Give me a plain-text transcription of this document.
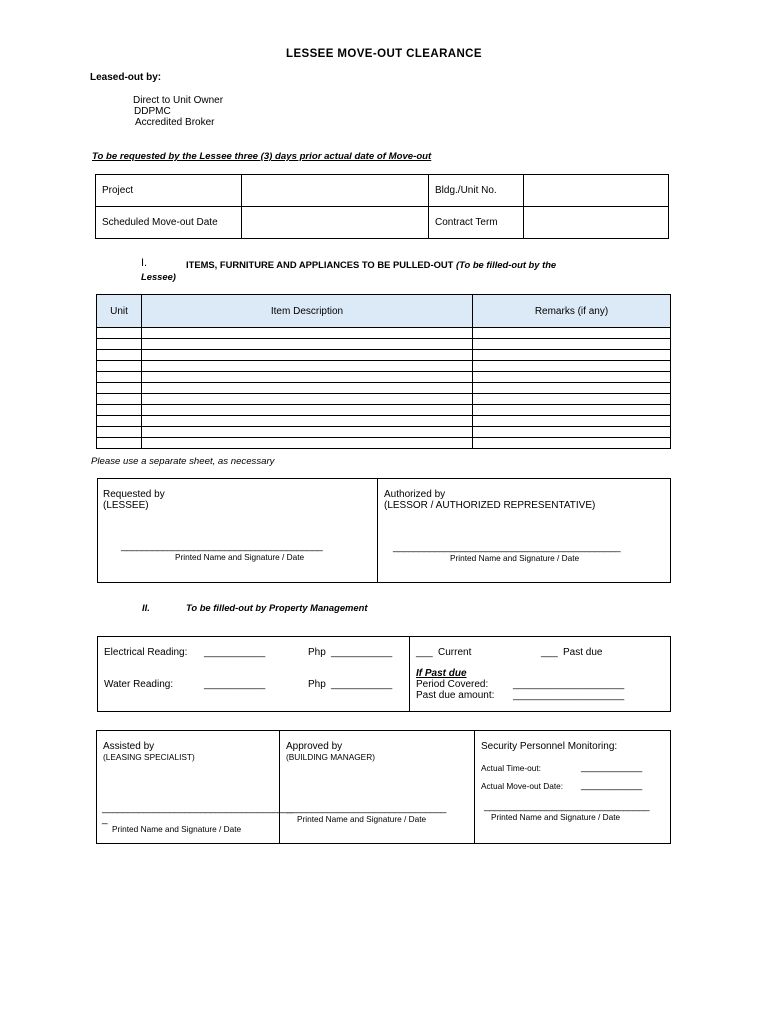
LESSEE MOVE-OUT CLEARANCE
Leased-out by:
Direct to Unit Owner
DDPMC
Accredited Broker
To be requested by the Lessee three (3) days prior actual date of Move-out
Project		Bldg./Unit No.	
Scheduled Move-out Date		Contract Term	
I.	ITEMS, FURNITURE AND APPLIANCES TO BE PULLED-OUT (To be filled-out by the
Lessee)
Unit	Item Description	Remarks (if any)

Please use a separate sheet, as necessary
Requested by
(LESSEE)
Authorized by
(LESSOR / AUTHORIZED REPRESENTATIVE)
_______________________________________
Printed Name and Signature / Date
____________________________________________
Printed Name and Signature / Date
II.	To be filled-out by Property Management
Electrical Reading: ___________	Php ___________
Water Reading:	___________	Php ___________
___ Current	___ Past due
If Past due
Period Covered: ____________________
Past due amount: ____________________
Assisted by
(LEASING SPECIALIST)
Approved by
(BUILDING MANAGER)
Security Personnel Monitoring:
Actual Time-out:	___________
Actual Move-out Date: ___________
_____________________________________
_
Printed Name and Signature / Date
_______________________________
Printed Name and Signature / Date
________________________________
Printed Name and Signature / Date
